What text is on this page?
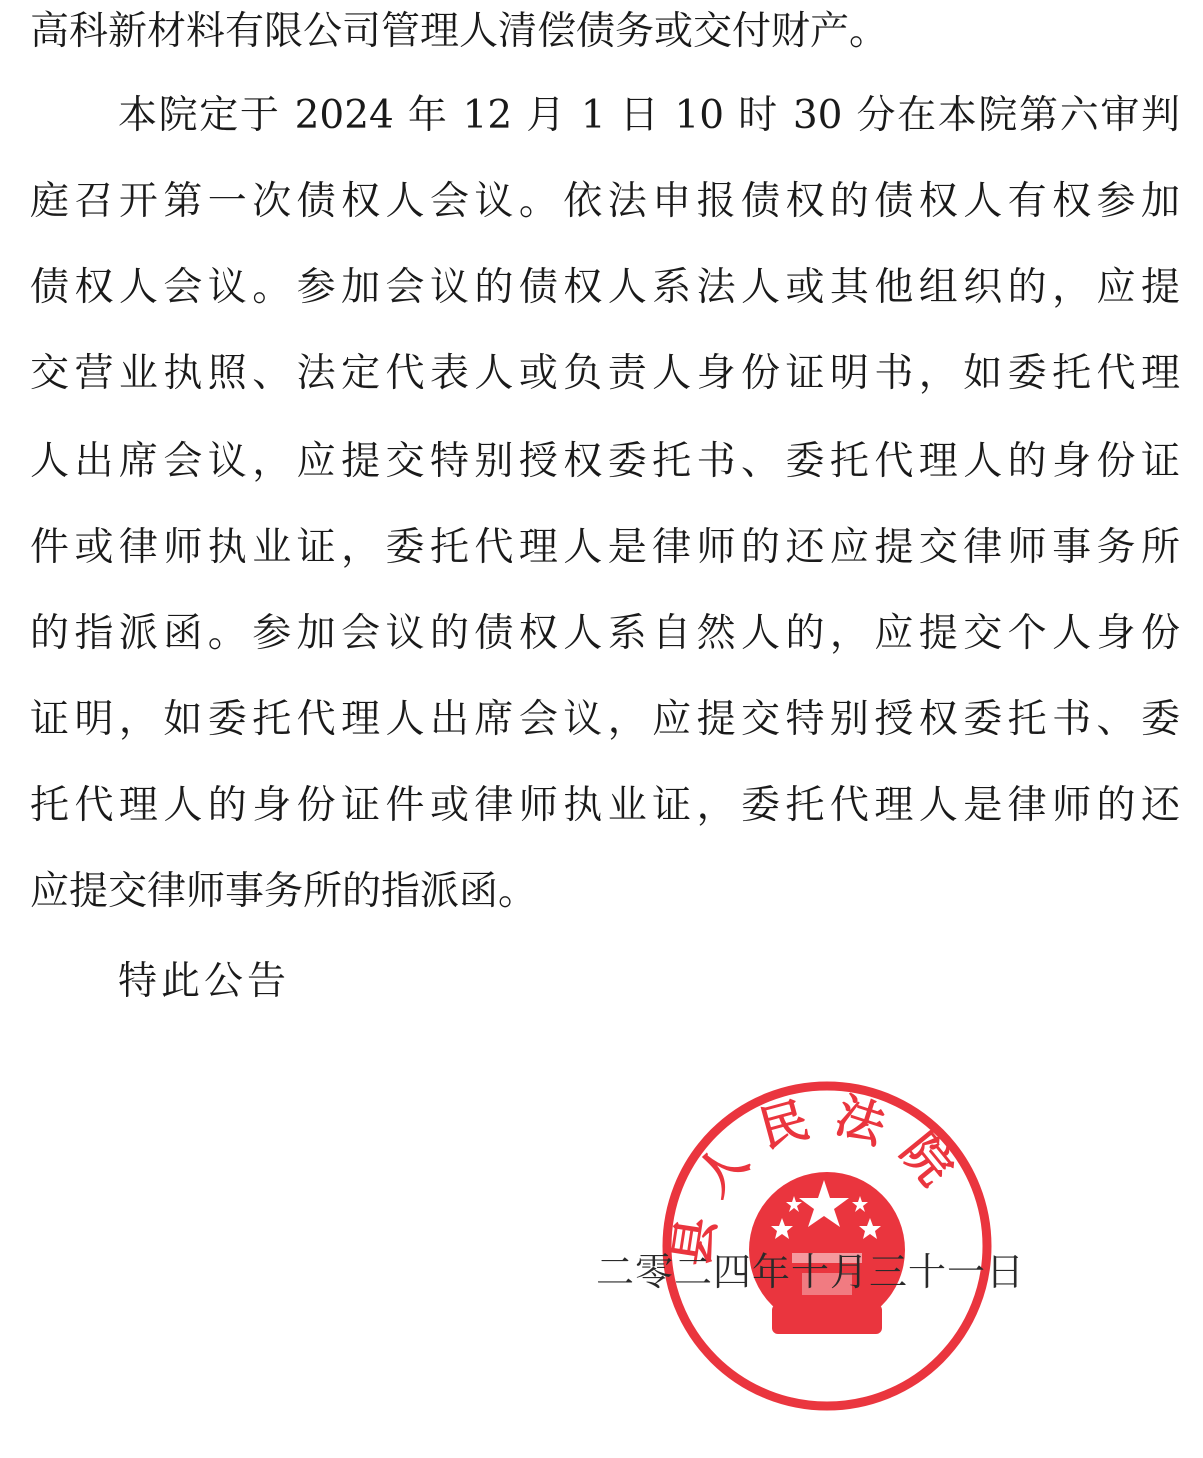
高科新材料有限公司管理人清偿债务或交付财产。

本院定于 2024 年 12 月 1 日 10 时 30 分在本院第六审判

庭召开第一次债权人会议。依法申报债权的债权人有权参加

债权人会议。参加会议的债权人系法人或其他组织的，应提

交营业执照、法定代表人或负责人身份证明书，如委托代理

人出席会议，应提交特别授权委托书、委托代理人的身份证

件或律师执业证，委托代理人是律师的还应提交律师事务所

的指派函。参加会议的债权人系自然人的，应提交个人身份

证明，如委托代理人出席会议，应提交特别授权委托书、委

托代理人的身份证件或律师执业证，委托代理人是律师的还

应提交律师事务所的指派函。

特此公告

县人民法院

二零二四年十月三十一日
